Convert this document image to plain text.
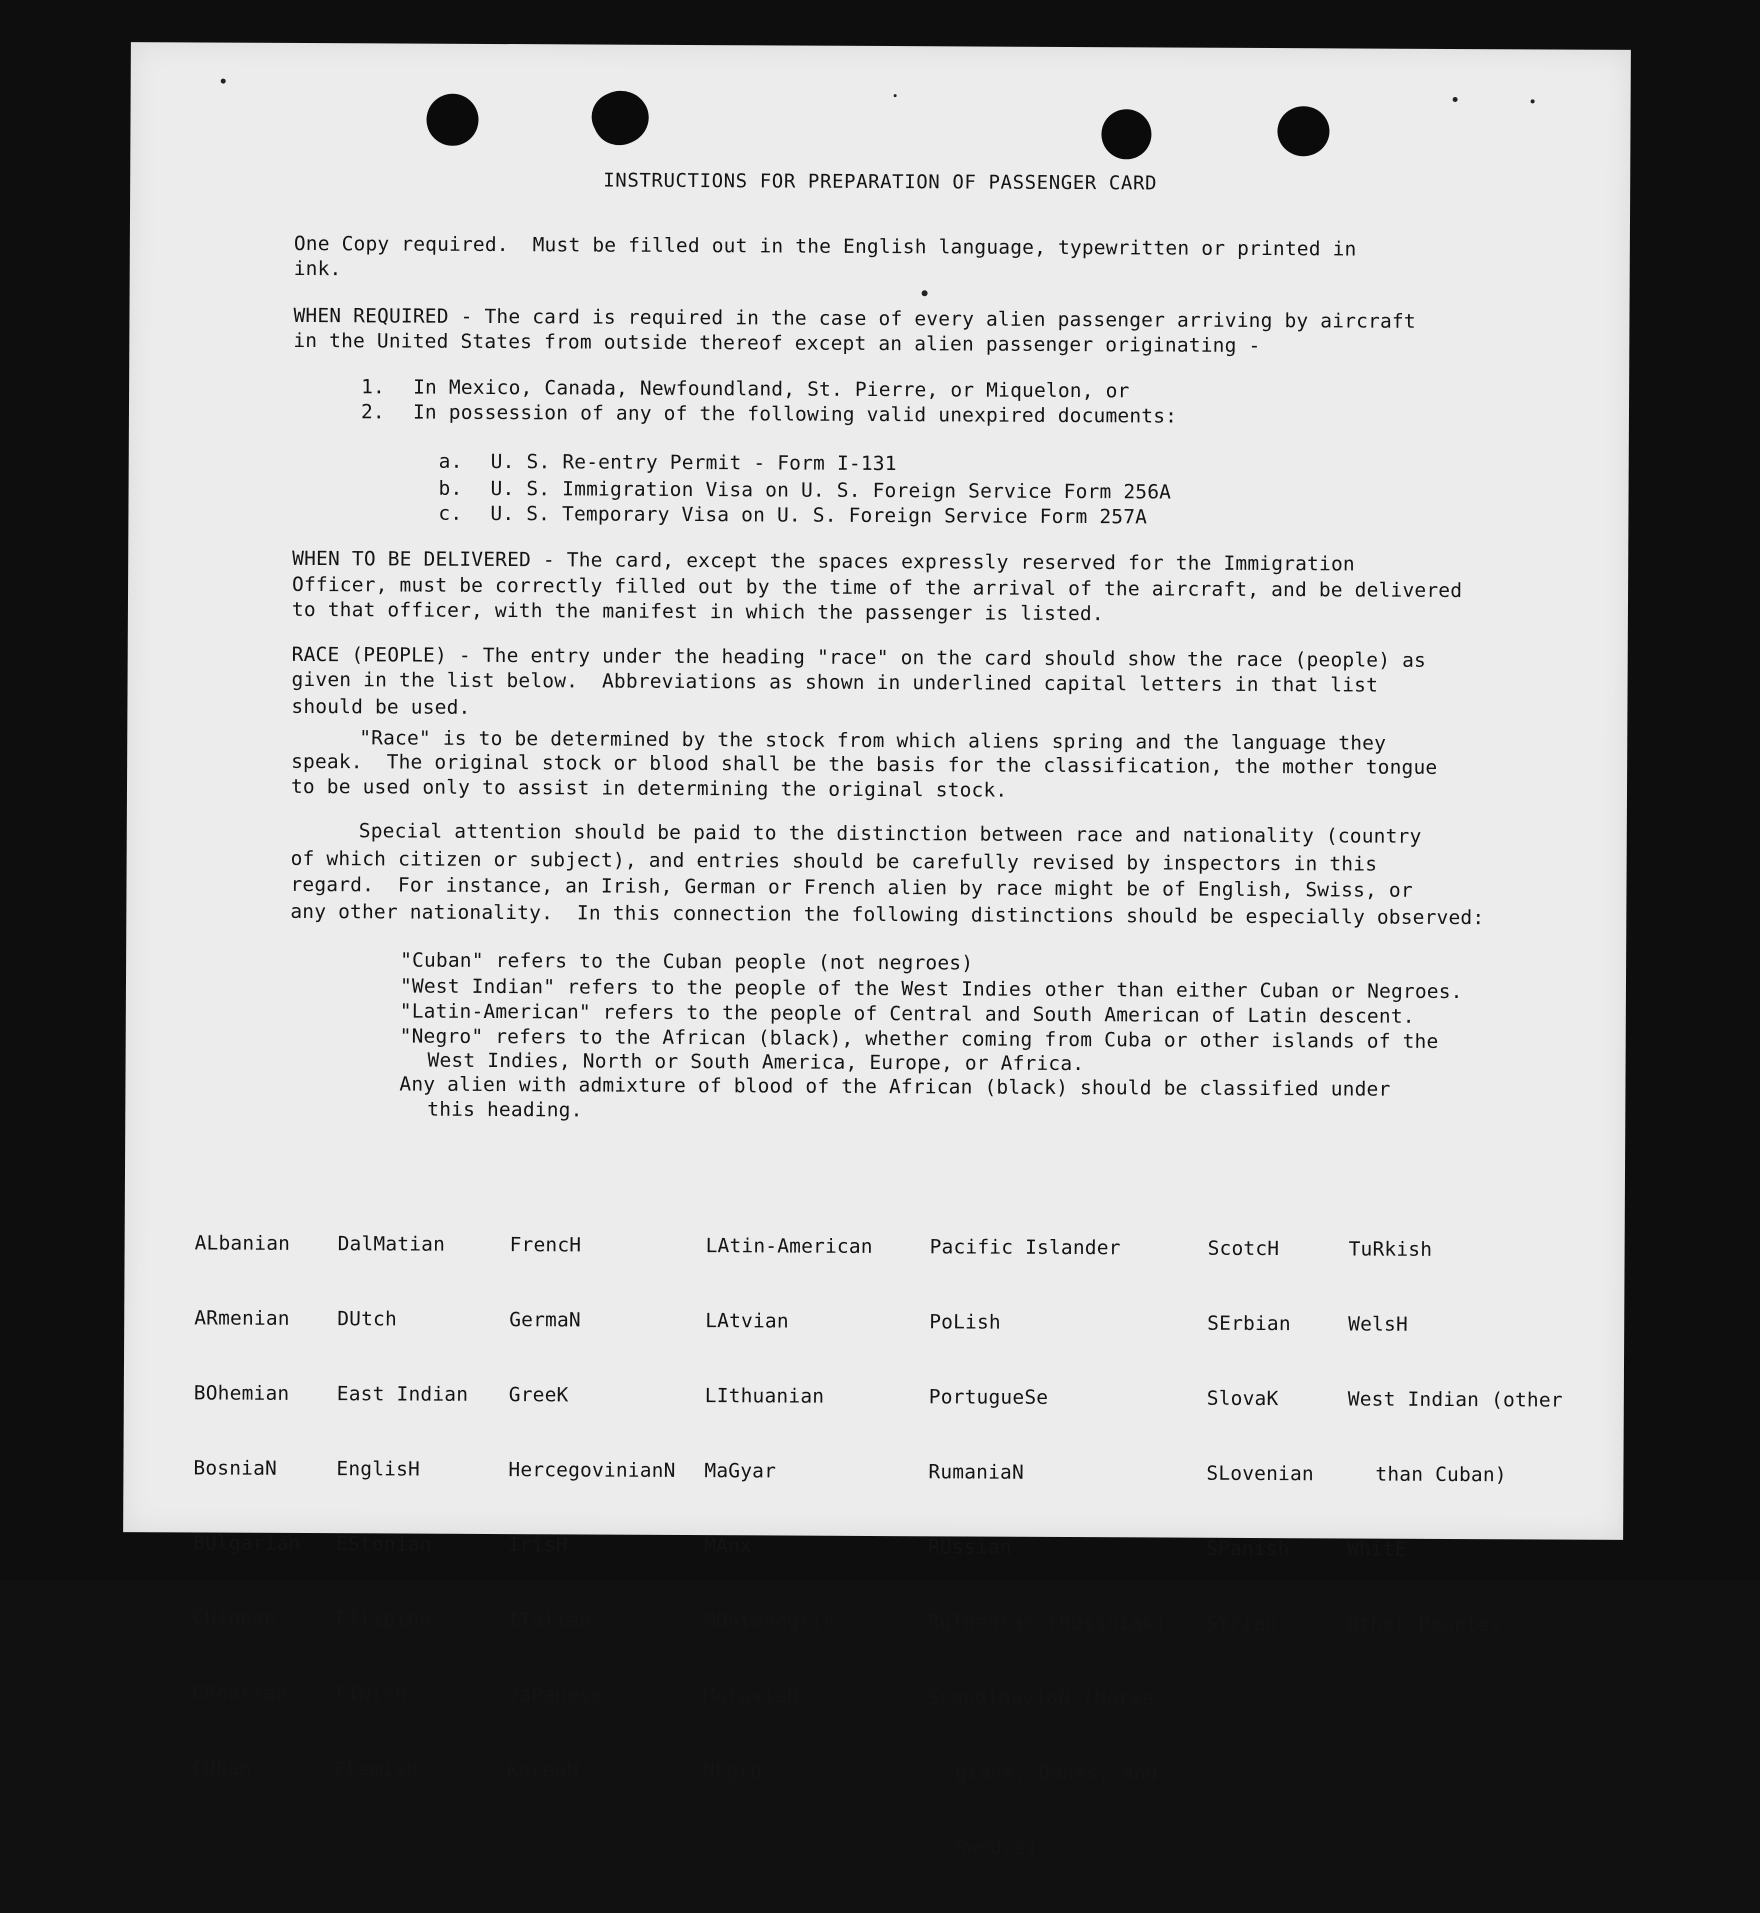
INSTRUCTIONS FOR PREPARATION OF PASSENGER CARD
One Copy required.  Must be filled out in the English language, typewritten or printed in
ink.
WHEN REQUIRED - The card is required in the case of every alien passenger arriving by aircraft
in the United States from outside thereof except an alien passenger originating -
1. In Mexico, Canada, Newfoundland, St. Pierre, or Miquelon, or
2. In possession of any of the following valid unexpired documents:
a. U. S. Re-entry Permit - Form I-131
b. U. S. Immigration Visa on U. S. Foreign Service Form 256A
c. U. S. Temporary Visa on U. S. Foreign Service Form 257A
WHEN TO BE DELIVERED - The card, except the spaces expressly reserved for the Immigration
Officer, must be correctly filled out by the time of the arrival of the aircraft, and be delivered
to that officer, with the manifest in which the passenger is listed.
RACE (PEOPLE) - The entry under the heading "race" on the card should show the race (people) as
given in the list below.  Abbreviations as shown in underlined capital letters in that list
should be used.
"Race" is to be determined by the stock from which aliens spring and the language they
speak.  The original stock or blood shall be the basis for the classification, the mother tongue
to be used only to assist in determining the original stock.
Special attention should be paid to the distinction between race and nationality (country
of which citizen or subject), and entries should be carefully revised by inspectors in this
regard.  For instance, an Irish, German or French alien by race might be of English, Swiss, or
any other nationality.  In this connection the following distinctions should be especially observed:
"Cuban" refers to the Cuban people (not negroes)
"West Indian" refers to the people of the West Indies other than either Cuban or Negroes.
"Latin-American" refers to the people of Central and South American of Latin descent.
"Negro" refers to the African (black), whether coming from Cuba or other islands of the
West Indies, North or South America, Europe, or Africa.
Any alien with admixture of blood of the African (black) should be classified under
this heading.

ALbanian

ARmenian

BOhemian

BosniaN

BUlgarian

CHinese

CRoatian

CUban

DalMatian

DUtch

East Indian

EnglisH

EStonian

FIlipino

FINish

FLemish

FrencH

GermaN

GreeK

HercegovinianN

IrisH

ITalian

JaPanese

KoreaN

LAtin-American

LAtvian

LIthuanian

MaGyar

MAnx

MOntenegrin

MoraviaN

NEgro

Pacific Islander

PoLish

PortugueSe

RumaniaN

RUssian

RuThenian (Russniak)

ScandinaviaN (Norwe-

gians, Danes, and

Swedes)

ScotcH

SErbian

SlovaK

SLovenian

SPanish

SYrian

TuRkish

WelsH

West Indian (other

than Cuban)

WhitE

Other Peoples
